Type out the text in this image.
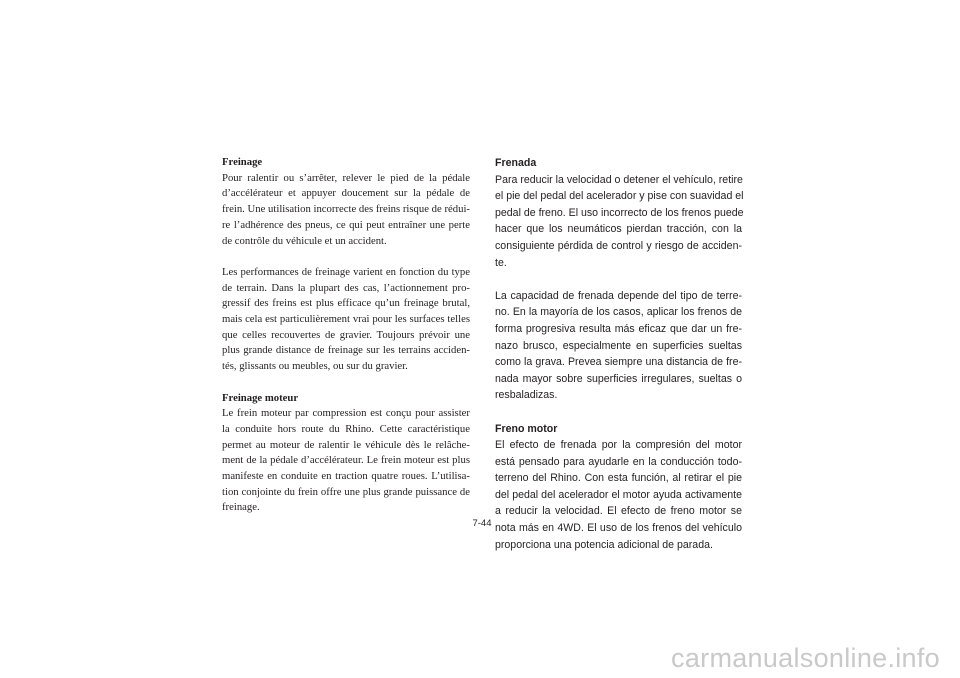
Freinage

Pour ralentir ou s’arrêter, relever le pied de la pédale
d’accélérateur et appuyer doucement sur la pédale de
frein. Une utilisation incorrecte des freins risque de rédui-
re l’adhérence des pneus, ce qui peut entraîner une perte
de contrôle du véhicule et un accident.

Les performances de freinage varient en fonction du type
de terrain. Dans la plupart des cas, l’actionnement pro-
gressif des freins est plus efficace qu’un freinage brutal,
mais cela est particulièrement vrai pour les surfaces telles
que celles recouvertes de gravier. Toujours prévoir une
plus grande distance de freinage sur les terrains acciden-
tés, glissants ou meubles, ou sur du gravier.

Freinage moteur

Le frein moteur par compression est conçu pour assister
la conduite hors route du Rhino. Cette caractéristique
permet au moteur de ralentir le véhicule dès le relâche-
ment de la pédale d’accélérateur. Le frein moteur est plus
manifeste en conduite en traction quatre roues. L’utilisa-
tion conjointe du frein offre une plus grande puissance de
freinage.

Frenada

Para reducir la velocidad o detener el vehículo, retire
el pie del pedal del acelerador y pise con suavidad el
pedal de freno. El uso incorrecto de los frenos puede
hacer que los neumáticos pierdan tracción, con la
consiguiente pérdida de control y riesgo de acciden-
te.

La capacidad de frenada depende del tipo de terre-
no. En la mayoría de los casos, aplicar los frenos de
forma progresiva resulta más eficaz que dar un fre-
nazo brusco, especialmente en superficies sueltas
como la grava. Prevea siempre una distancia de fre-
nada mayor sobre superficies irregulares, sueltas o
resbaladizas.

Freno motor

El efecto de frenada por la compresión del motor
está pensado para ayudarle en la conducción todo-
terreno del Rhino. Con esta función, al retirar el pie
del pedal del acelerador el motor ayuda activamente
a reducir la velocidad. El efecto de freno motor se
nota más en 4WD. El uso de los frenos del vehículo
proporciona una potencia adicional de parada.

7-44
carmanualsonline.info
